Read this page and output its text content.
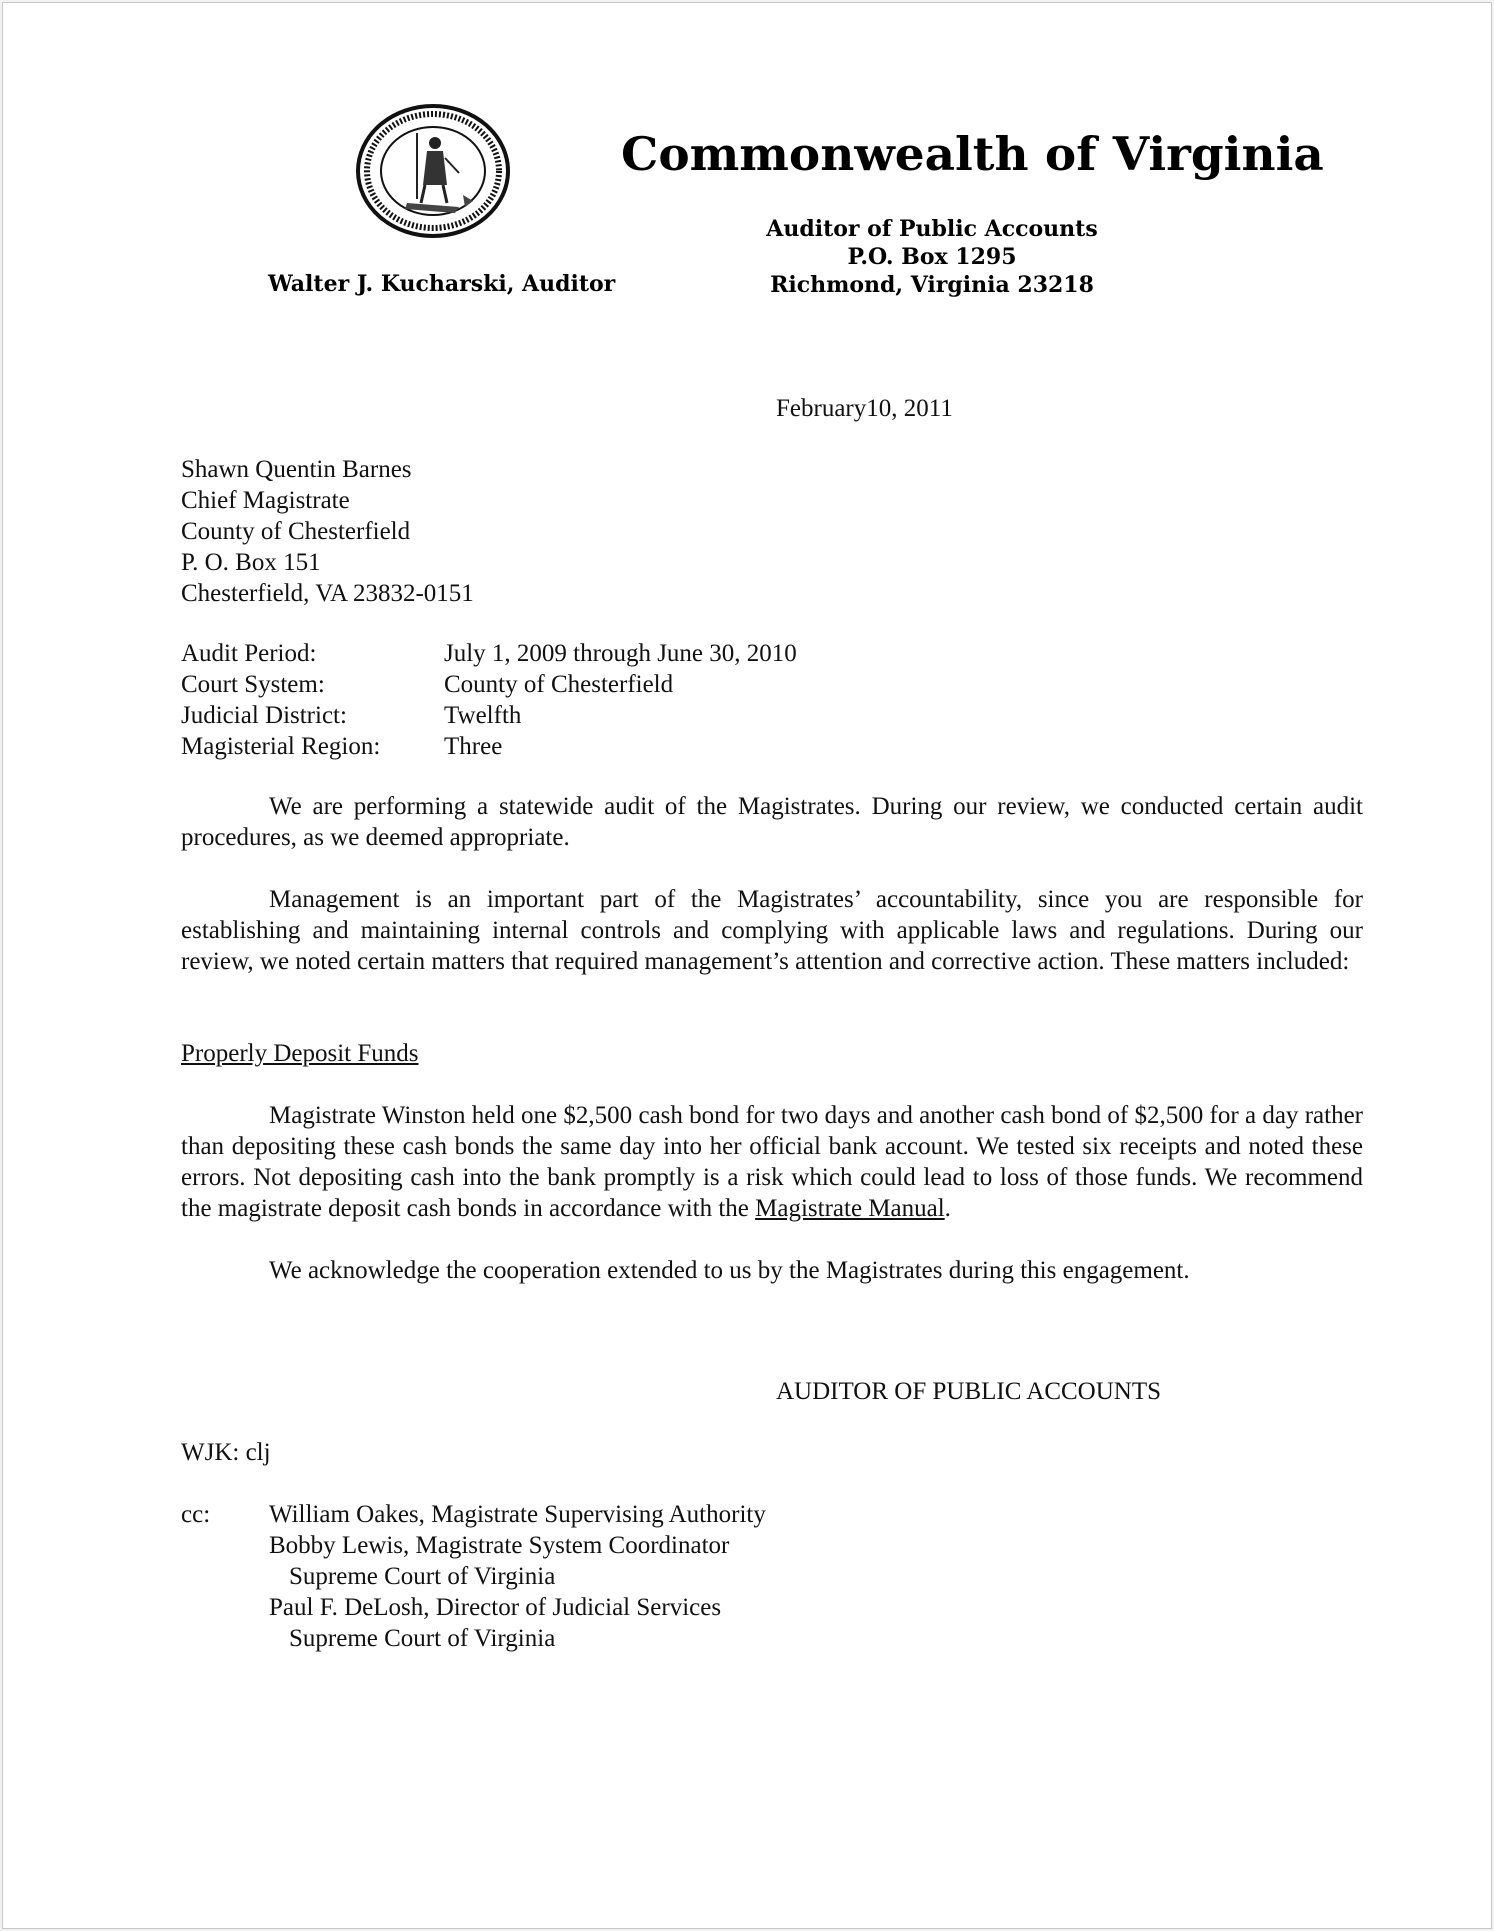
Commonwealth of Virginia
Auditor of Public Accounts
P.O. Box 1295
Richmond, Virginia 23218
Walter J. Kucharski, Auditor
February10, 2011
Shawn Quentin Barnes
Chief Magistrate
County of Chesterfield
P. O. Box 151
Chesterfield, VA 23832-0151
Audit Period:	July 1, 2009 through June 30, 2010
Court System:	County of Chesterfield
Judicial District:	Twelfth
Magisterial Region:	Three
We are performing a statewide audit of the Magistrates. During our review, we conducted certain audit procedures, as we deemed appropriate.
Management is an important part of the Magistrates’ accountability, since you are responsible for establishing and maintaining internal controls and complying with applicable laws and regulations. During our review, we noted certain matters that required management’s attention and corrective action. These matters included:
Properly Deposit Funds
Magistrate Winston held one $2,500 cash bond for two days and another cash bond of $2,500 for a day rather than depositing these cash bonds the same day into her official bank account. We tested six receipts and noted these errors. Not depositing cash into the bank promptly is a risk which could lead to loss of those funds. We recommend the magistrate deposit cash bonds in accordance with the Magistrate Manual.
We acknowledge the cooperation extended to us by the Magistrates during this engagement.
AUDITOR OF PUBLIC ACCOUNTS
WJK: clj
cc: William Oakes, Magistrate Supervising Authority
Bobby Lewis, Magistrate System Coordinator
Supreme Court of Virginia
Paul F. DeLosh, Director of Judicial Services
Supreme Court of Virginia
